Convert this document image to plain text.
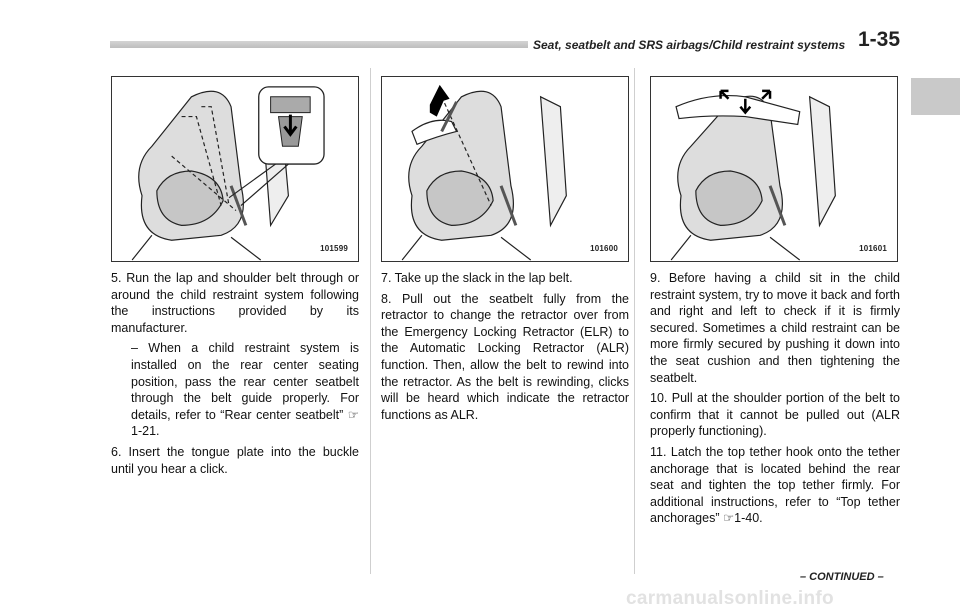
Seat, seatbelt and SRS airbags/Child restraint systems 1-35
101599	101600	101601

5. Run the lap and shoulder belt through or around the child restraint system following the instructions provided by its manufacturer.

– When a child restraint system is installed on the rear center seating position, pass the rear center seatbelt through the belt guide properly. For details, refer to “Rear center seatbelt” ☞1-21.

6. Insert the tongue plate into the buckle until you hear a click.

7. Take up the slack in the lap belt.

8. Pull out the seatbelt fully from the retractor to change the retractor over from the Emergency Locking Retractor (ELR) to the Automatic Locking Retractor (ALR) function. Then, allow the belt to rewind into the retractor. As the belt is rewinding, clicks will be heard which indicate the retractor functions as ALR.

9. Before having a child sit in the child restraint system, try to move it back and forth and right and left to check if it is firmly secured. Sometimes a child restraint can be more firmly secured by pushing it down into the seat cushion and then tightening the seatbelt.

10. Pull at the shoulder portion of the belt to confirm that it cannot be pulled out (ALR properly functioning).

11. Latch the top tether hook onto the tether anchorage that is located behind the rear seat and tighten the top tether firmly. For additional instructions, refer to “Top tether anchorages” ☞1-40.

– CONTINUED –
carmanualsonline.info
